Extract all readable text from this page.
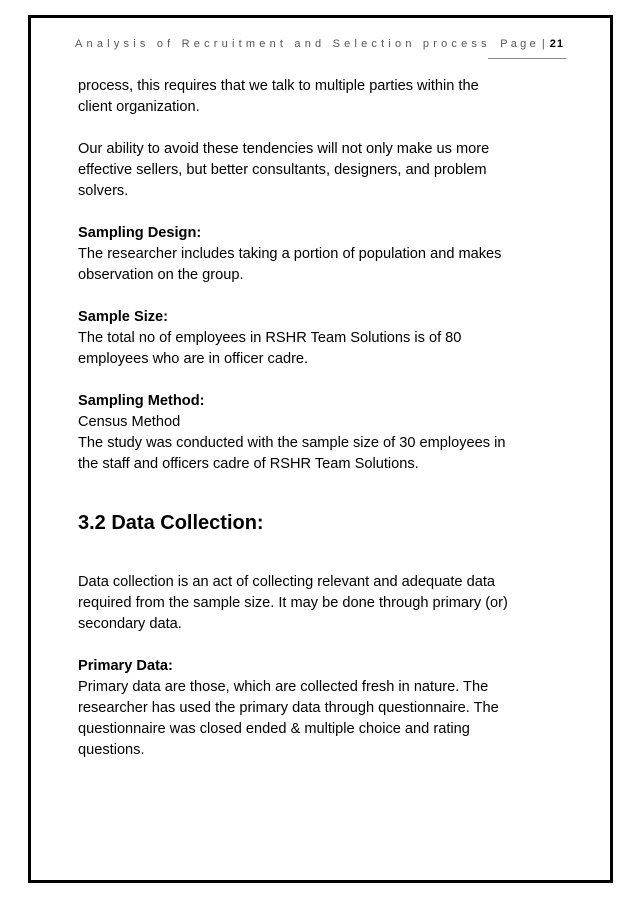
Analysis of Recruitment and Selection process Page | 21

process, this requires that we talk to multiple parties within the

client organization.

Our ability to avoid these tendencies will not only make us more

effective sellers, but better consultants, designers, and problem

solvers.

Sampling Design:

The researcher includes taking a portion of population and makes

observation on the group.

Sample Size:

The total no of employees in RSHR Team Solutions is of 80

employees who are in officer cadre.

Sampling Method:

Census Method

The study was conducted with the sample size of 30 employees in

the staff and officers cadre of RSHR Team Solutions.

3.2 Data Collection:

Data collection is an act of collecting relevant and adequate data

required from the sample size. It may be done through primary (or)

secondary data.

Primary Data:

Primary data are those, which are collected fresh in nature. The

researcher has used the primary data through questionnaire. The

questionnaire was closed ended & multiple choice and rating

questions.
